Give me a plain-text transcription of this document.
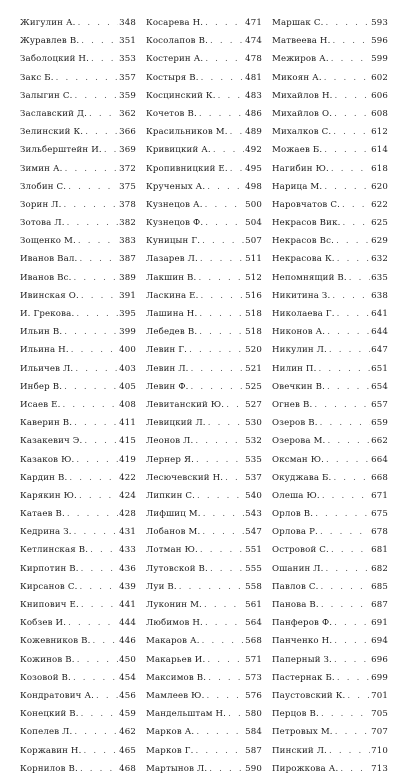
Жигулин А. . . .	348
Журавлев В. . . .	351
Заболоцкий Н. . . .	353
Закс Б. . . .	357
Залыгин С. . . .	359
Заславский Д. . . .	362
Зелинский К. . . .	366
Зильберштейн И. . . . 369
Зимин А. . . .	372
Злобин С. . . .	375
Зорин Л. . . .	378
Зотова Л. . . .	382
Зощенко М. . . .	383
Иванов Вал. . . .	387
Иванов Вс. . . .	389
Ивинская О. . . .	391
И. Грекова. . . .	395
Ильин В. . . .	399
Ильина Н. . . .	400
Ильичев Л. . . .	403
Инбер В. . . .	405
Исаев Е. . . .	408
Каверин В. . . .	411
Казакевич Э. . . .	415
Казаков Ю. . . .	419
Кардин В. . . .	422
Карякин Ю. . . .	424
Катаев В. . . .	428
Кедрина З. . . .	431
Кетлинская В. . . .	433
Кирпотин В. . . .	436
Кирсанов С. . . .	439
Книпович Е. . . .	441
Кобзев И. . . .	444
Кожевников В. . . .	446
Кожинов В. . . .	450
Козовой В. . . .	454
Кондратович А. . . .	456
Конецкий В. . . .	459
Копелев Л. . . .	462
Коржавин Н. . . .	465
Корнилов В. . . .	468
Косарева Н. . . .	471
Косолапов В. . . .	474
Костерин А. . . .	478
Костыря В. . . .	481
Косцинский К. . . .	483
Кочетов В. . . .	486
Красильников М. . . . 489
Кривицкий А. . . .	492
Кропивницкий Е. . . . 495
Крученых А. . . .	498
Кузнецов А. . . .	500
Кузнецов Ф. . . .	504
Куницын Г. . . .	507
Лазарев Л. . . .	511
Лакшин В. . . .	512
Ласкина Е. . . .	516
Лашина Н. . . .	518
Лебедев В. . . .	518
Левин Г. . . .	520
Левин Л. . . .	521
Левин Ф. . . .	525
Левитанский Ю. . . . 527
Левицкий Л. . . .	530
Леонов Л. . . .	532
Лернер Я. . . .	535
Лесючевский Н. . . .	537
Липкин С. . . .	540
Лифшиц М. . . .	543
Лобанов М. . . .	547
Лотман Ю. . . .	551
Лутовской В. . . .	555
Луи В. . . .	558
Луконин М. . . .	561
Любимов Н. . . .	564
Макаров А. . . .	568
Макарьев И. . . .	571
Максимов В. . . .	573
Мамлеев Ю. . . .	576
Мандельштам Н. . . . 580
Марков А. . . .	584
Марков Г. . . .	587
Мартынов Л. . . .	590
Маршак С. . . .	593
Матвеева Н. . . .	596
Межиров А. . . .	599
Микоян А. . . .	602
Михайлов Н. . . .	606
Михайлов О. . . .	608
Михалков С. . . .	612
Можаев Б. . . .	614
Нагибин Ю. . . .	618
Нарица М. . . .	620
Наровчатов С. . . .	622
Некрасов Вик. . . .	625
Некрасов Вс. . . .	629
Некрасова К. . . .	632
Непомнящий В. . . .	635
Никитина З. . . .	638
Николаева Г. . . .	641
Никонов А. . . .	644
Никулин Л. . . .	647
Нилин П. . . .	651
Овечкин В. . . .	654
Огнев В. . . .	657
Озеров В. . . .	659
Озерова М. . . .	662
Оксман Ю. . . .	664
Окуджава Б. . . .	668
Олеша Ю. . . .	671
Орлов В. . . .	675
Орлова Р. . . .	678
Островой С. . . .	681
Ошанин Л. . . .	682
Павлов С. . . .	685
Панова В. . . .	687
Панферов Ф. . . .	691
Панченко Н. . . .	694
Паперный З. . . .	696
Пастернак Б. . . .	699
Паустовский К. . . .	701
Перцов В. . . .	705
Петровых М. . . .	707
Пинский Л. . . .	710
Пирожкова А. . . .	713
